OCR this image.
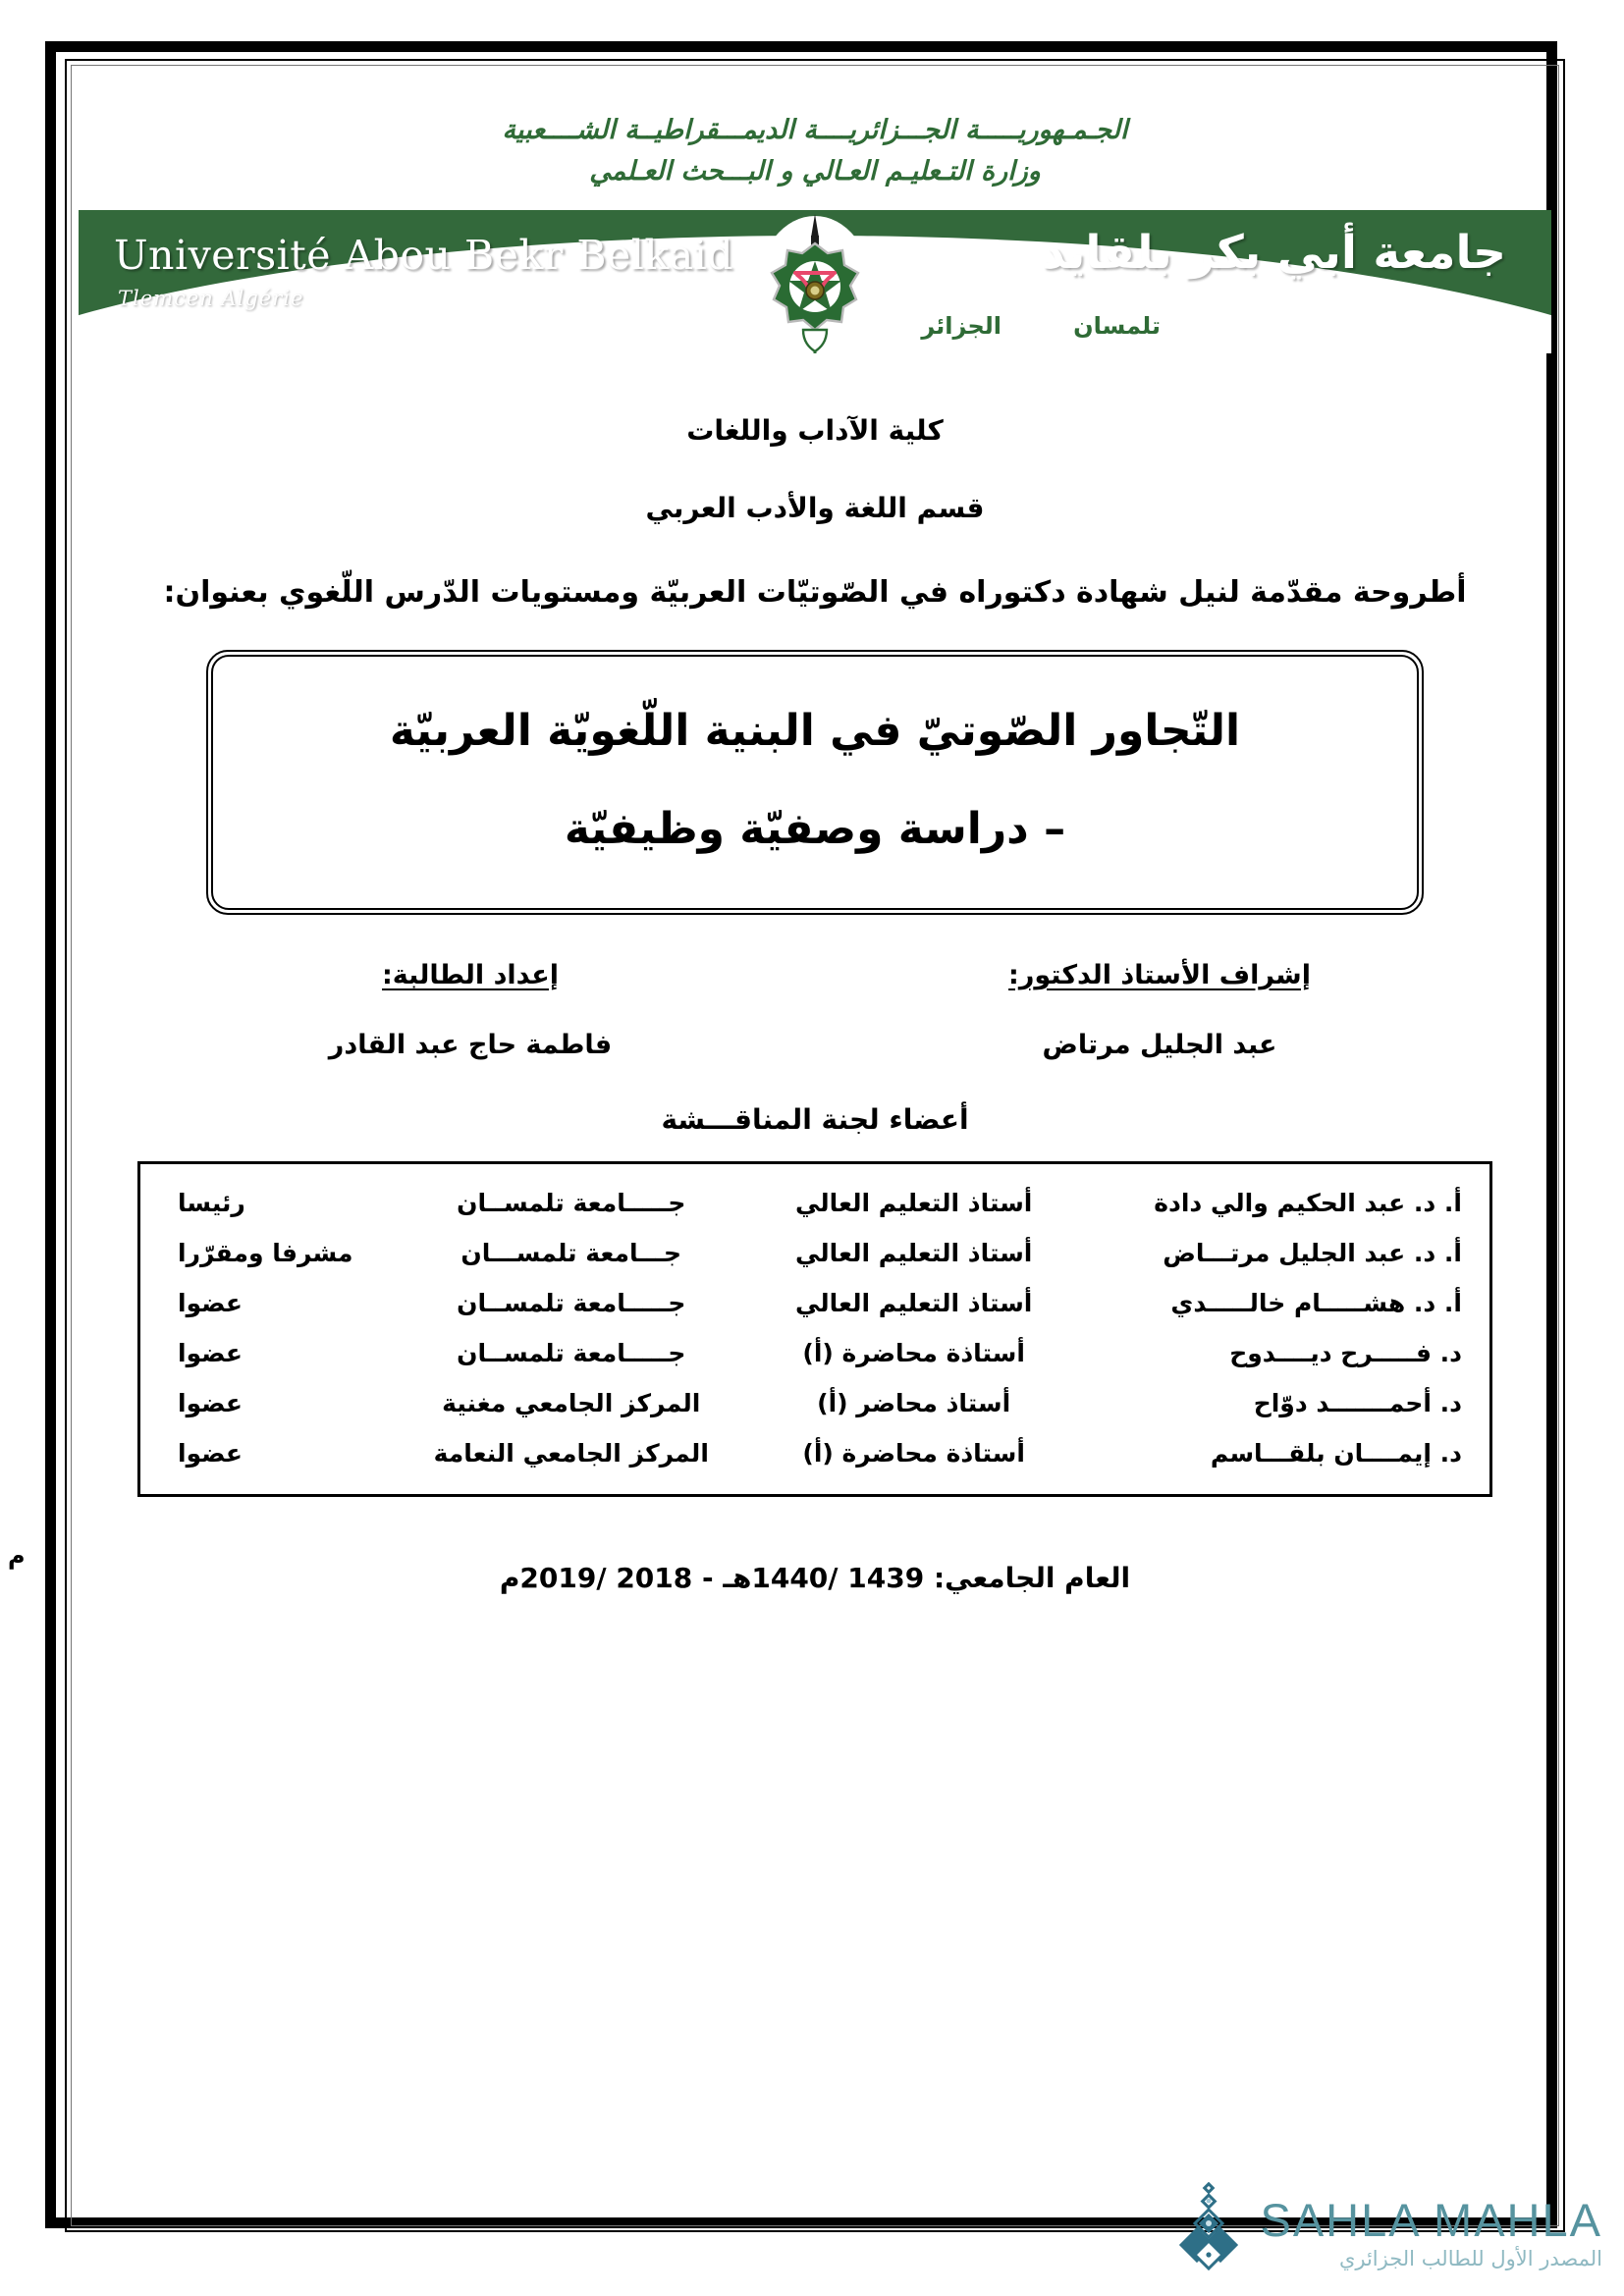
الجـمـهوريـــــة الجـــزائريــــة الديمـــقراطيــة الشــــعبية
وزارة التـعليـم العـالي و البـــحث العـلمي
Université Abou Bekr Belkaid
Tlemcen Algérie
جامعة أبي بكر بلقايد
تلمسان
الجزائر
كلية الآداب واللغات
قسم اللغة والأدب العربي
أطروحة مقدّمة لنيل شهادة دكتوراه في الصّوتيّات العربيّة ومستويات الدّرس اللّغوي بعنوان:
التّجاور الصّوتيّ في البنية اللّغويّة العربيّة
– دراسة وصفيّة وظيفيّة
إشراف الأستاذ الدكتور:
عبد الجليل مرتاض
إعداد الطالبة:
فاطمة حاج عبد القادر
أعضاء لجنة المناقـــشة
أ. د. عبد الحكيم والي دادة	أستاذ التعليم العالي	جـــــامعة تلمســان	رئيسا
أ. د. عبد الجليل مرتـــاض	أستاذ التعليم العالي	جـــامعة تلمســـان	مشرفا ومقرّرا
أ. د. هشـــــام خالـــــدي	أستاذ التعليم العالي	جـــــامعة تلمســان	عضوا
د. فـــــرح ديــــدوح	أستاذة محاضرة (أ)	جـــــامعة تلمســان	عضوا
د. أحمـــــــد دوّاح	أستاذ محاضر (أ)	المركز الجامعي مغنية	عضوا
د. إيمــــان بلقـــاسم	أستاذة محاضرة (أ)	المركز الجامعي النعامة	عضوا
العام الجامعي: 1439 /1440هـ - 2018 /2019م
م
SAHLA MAHLA
المصدر الأول للطالب الجزائري
